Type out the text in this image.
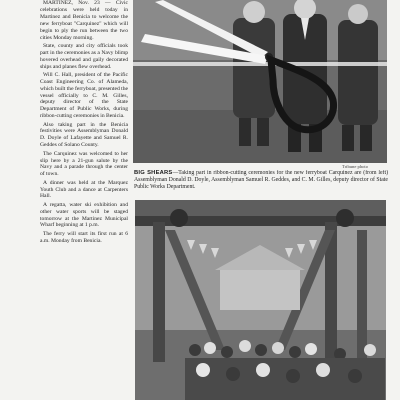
MARTINEZ, Nov. 23 — Civic celebrations were held today in Martinez and Benicia to welcome the new ferryboat "Carquinez" which will begin to ply the run between the two cities Monday morning.

State, county and city officials took part in the ceremonies as a Navy blimp hovered overhead and gaily decorated ships and planes flew overhead.

Will C. Hall, president of the Pacific Coast Engineering Co. of Alameda, which built the ferryboat, presented the vessel officially to C. M. Gilles, deputy director of the State Department of Public Works, during ribbon-cutting ceremonies in Benicia.

Also taking part in the Benicia festivities were Assemblyman Donald D. Doyle of Lafayette and Samuel R. Geddes of Solano County.

The Carquinez was welcomed to her slip here by a 21-gun salute by the Navy and a parade through the center of town.

A dinner was held at the Marquez Youth Club and a dance at Carpenters Hall.

A regatta, water ski exhibition and other water sports will be staged tomorrow at the Martinez Municipal Wharf beginning at 1 p.m.

The ferry will start its first run at 6 a.m. Monday from Benicia.

Tribune photo
BIG SHEARS—Taking part in ribbon-cutting ceremonies for the new ferryboat Carquinez are (from left) Assemblyman Donald D. Doyle, Assemblyman Samuel R. Geddes, and C. M. Gilles, deputy director of State Public Works Department.
